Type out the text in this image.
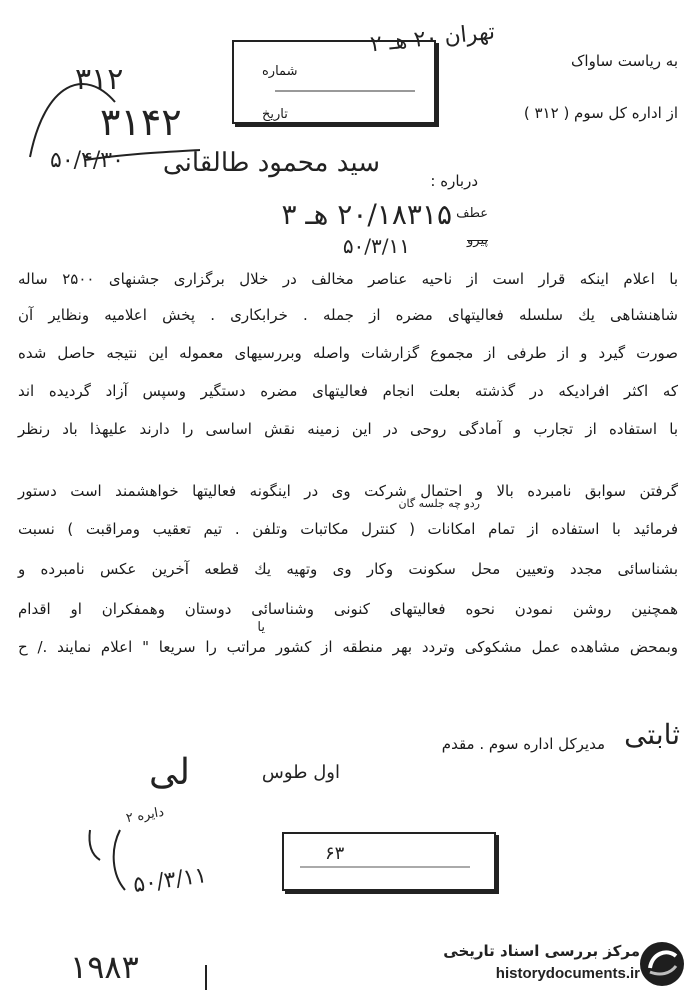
به ریاست ساواک
تهران ۲۰ هـ ۲
از اداره کل سوم ( ۳۱۲ )
شماره
تاریخ
۳۱۲
۳۱۴۲
۵۰/۴/۳۰
درباره :
سید محمود طالقانی
عطف
پیرو
۲۰/۱۸۳۱۵ هـ ۳
۵۰/۳/۱۱
با اعلام اینکه قرار است از ناحیه عناصر مخالف در خلال برگزاری جشنهای ۲۵۰۰ ساله
شاهنشاهی یك سلسله فعالیتهای مضره از جمله . خرابکاری . پخش اعلامیه ونظایر آن
صورت گیرد و از طرفی از مجموع گزارشات واصله وبررسیهای معموله این نتیجه حاصل شده
که اکثر افرادیکه در گذشته بعلت انجام فعالیتهای مضره دستگیر وسپس آزاد گردیده اند
با استفاده از تجارب و آمادگی روحی در این زمینه نقش اساسی را دارند علیهذا باد رنظر
گرفتن سوابق نامبرده بالا و احتمال شرکت وی در اینگونه فعالیتها خواهشمند است دستور
ردو چه جلسه گان
فرمائید با استفاده از تمام امکانات ( کنترل مکاتبات وتلفن . تیم تعقیب ومراقبت ) نسبت
بشناسائی مجدد وتعیین محل سکونت وکار وی وتهیه یك قطعه آخرین عکس نامبرده و
همچنین روشن نمودن نحوه فعالیتهای کنونی وشناسائی دوستان وهمفکران او اقدام
یا
وبمحض مشاهده عمل مشکوکی وتردد بهر منطقه از کشور مراتب را سریعا " اعلام نمایند ./ ح
مدیرکل اداره سوم . مقدم ثابتی
لی	اول طوس
دایره ۲
۵۰/۳/۱۱
۱۹۸۳
۶۳
مرکز بررسی اسناد تاریخی
historydocuments.ir
